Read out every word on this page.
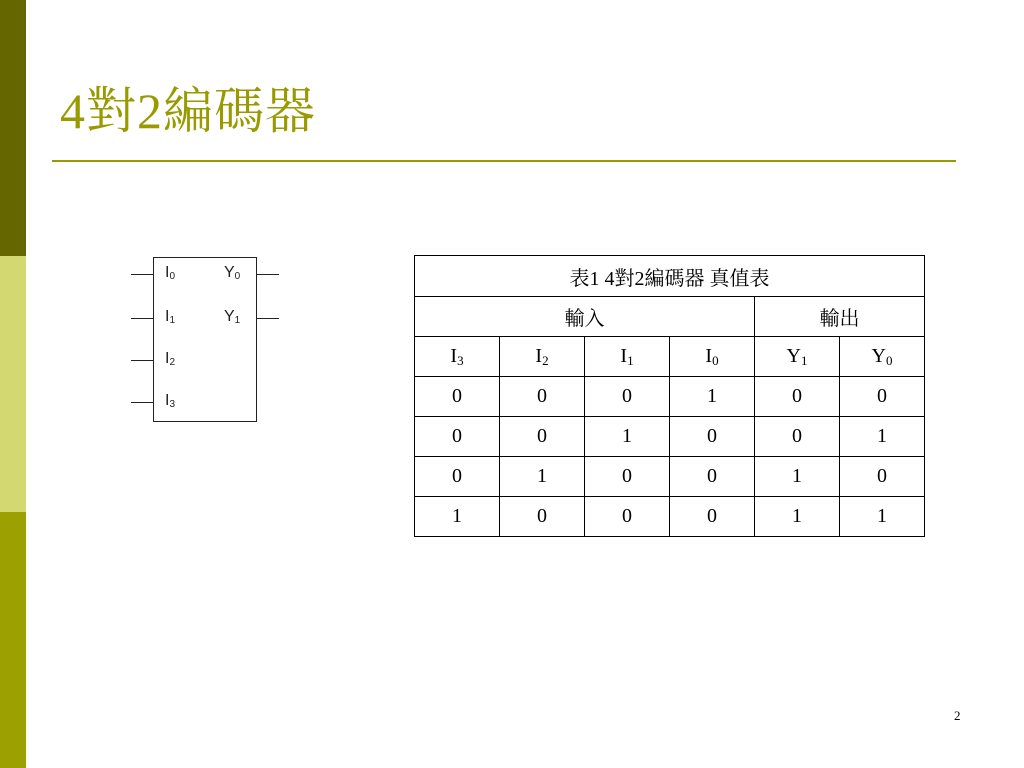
4對2編碼器
$I_0$
$I_1$
$I_2$
$I_3$
$Y_0$
$Y_1$
表1 4對2編碼器 真值表					
輸入				輸出	
$I_3$	$I_2$	$I_1$	$I_0$	$Y_1$	$Y_0$
0	0	0	1	0	0
0	0	1	0	0	1
0	1	0	0	1	0
1	0	0	0	1	1
2
